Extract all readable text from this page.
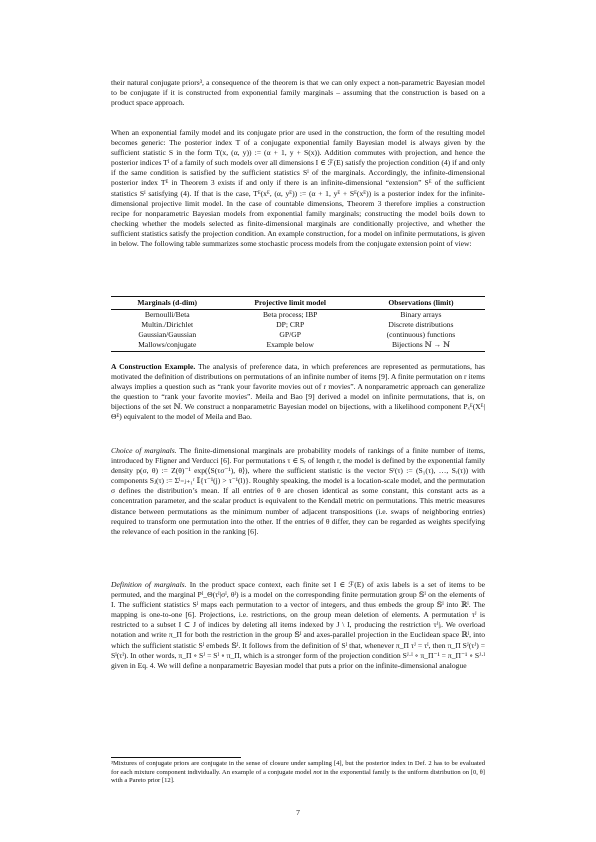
their natural conjugate priors³, a consequence of the theorem is that we can only expect a non-parametric Bayesian model to be conjugate if it is constructed from exponential family marginals – assuming that the construction is based on a product space approach.

When an exponential family model and its conjugate prior are used in the construction, the form of the resulting model becomes generic: The posterior index T of a conjugate exponential family Bayesian model is always given by the sufficient statistic S in the form T(x, (α, y)) := (α + 1, y + S(x)). Addition commutes with projection, and hence the posterior indices Tᴵ of a family of such models over all dimensions I ∈ ℱ(E) satisfy the projection condition (4) if and only if the same condition is satisfied by the sufficient statistics Sᴵ of the marginals. Accordingly, the infinite-dimensional posterior index Tᴱ in Theorem 3 exists if and only if there is an infinite-dimensional “extension” Sᴱ of the sufficient statistics Sᴵ satisfying (4). If that is the case, Tᴱ(xᴱ, (α, yᴱ)) := (α + 1, yᴱ + Sᴱ(xᴱ)) is a posterior index for the infinite-dimensional projective limit model. In the case of countable dimensions, Theorem 3 therefore implies a construction recipe for nonparametric Bayesian models from exponential family marginals; constructing the model boils down to checking whether the models selected as finite-dimensional marginals are conditionally projective, and whether the sufficient statistics satisfy the projection condition. An example construction, for a model on infinite permutations, is given in below. The following table summarizes some stochastic process models from the conjugate extension point of view:

Marginals (d-dim)	Projective limit model	Observations (limit)
Bernoulli/Beta	Beta process; IBP	Binary arrays
Multin./Dirichlet	DP; CRP	Discrete distributions
Gaussian/Gaussian	GP/GP	(continuous) functions
Mallows/conjugate	Example below	Bijections ℕ → ℕ

A Construction Example. The analysis of preference data, in which preferences are represented as permutations, has motivated the definition of distributions on permutations of an infinite number of items [9]. A finite permutation on r items always implies a question such as “rank your favorite movies out of r movies”. A nonparametric approach can generalize the question to “rank your favorite movies”. Meila and Bao [9] derived a model on infinite permutations, that is, on bijections of the set ℕ. We construct a nonparametric Bayesian model on bijections, with a likelihood component Pₓᴱ(Xᴱ|Θᴱ) equivalent to the model of Meila and Bao.

Choice of marginals. The finite-dimensional marginals are probability models of rankings of a finite number of items, introduced by Fligner and Verducci [6]. For permutations τ ∈ Sᵣ of length r, the model is defined by the exponential family density p(σ, θ) := Z(θ)⁻¹ exp(⟨S(τσ⁻¹), θ⟩), where the sufficient statistic is the vector Sʳ(τ) := (S₁(τ), …, Sᵣ(τ)) with components Sⱼ(τ) := Σˡ₌ⱼ₊₁ʳ 𝕀{τ⁻¹(j) > τ⁻¹(l)}. Roughly speaking, the model is a location-scale model, and the permutation σ defines the distribution’s mean. If all entries of θ are chosen identical as some constant, this constant acts as a concentration parameter, and the scalar product is equivalent to the Kendall metric on permutations. This metric measures distance between permutations as the minimum number of adjacent transpositions (i.e. swaps of neighboring entries) required to transform one permutation into the other. If the entries of θ differ, they can be regarded as weights specifying the relevance of each position in the ranking [6].

Definition of marginals. In the product space context, each finite set I ∈ ℱ(E) of axis labels is a set of items to be permuted, and the marginal Pᴵ_Θ(τᴵ|σᴵ, θᴵ) is a model on the corresponding finite permutation group 𝕊ᴵ on the elements of I. The sufficient statistics Sᴵ maps each permutation to a vector of integers, and thus embeds the group 𝕊ᴵ into ℝᴵ. The mapping is one-to-one [6]. Projections, i.e. restrictions, on the group mean deletion of elements. A permutation τᴶ is restricted to a subset I ⊂ J of indices by deleting all items indexed by J \ I, producing the restriction τᴶ|ᵢ. We overload notation and write π_Π for both the restriction in the group 𝕊ᴵ and axes-parallel projection in the Euclidean space ℝᴵ, into which the sufficient statistic Sᴵ embeds 𝕊ᴵ. It follows from the definition of Sᴵ that, whenever π_Π τᴶ = τᴵ, then π_Π Sᴶ(τᴶ) = Sᴵ(τᴵ). In other words, π_Π ∘ Sᴶ = Sᴵ ∘ π_Π, which is a stronger form of the projection condition Sᴶ·ᴵ ∘ π_Π⁻¹ = π_Π⁻¹ ∘ Sᴶ·ᴵ given in Eq. 4. We will define a nonparametric Bayesian model that puts a prior on the infinite-dimensional analogue

³Mixtures of conjugate priors are conjugate in the sense of closure under sampling [4], but the posterior index in Def. 2 has to be evaluated for each mixture component individually. An example of a conjugate model not in the exponential family is the uniform distribution on [0, θ] with a Pareto prior [12].

7
